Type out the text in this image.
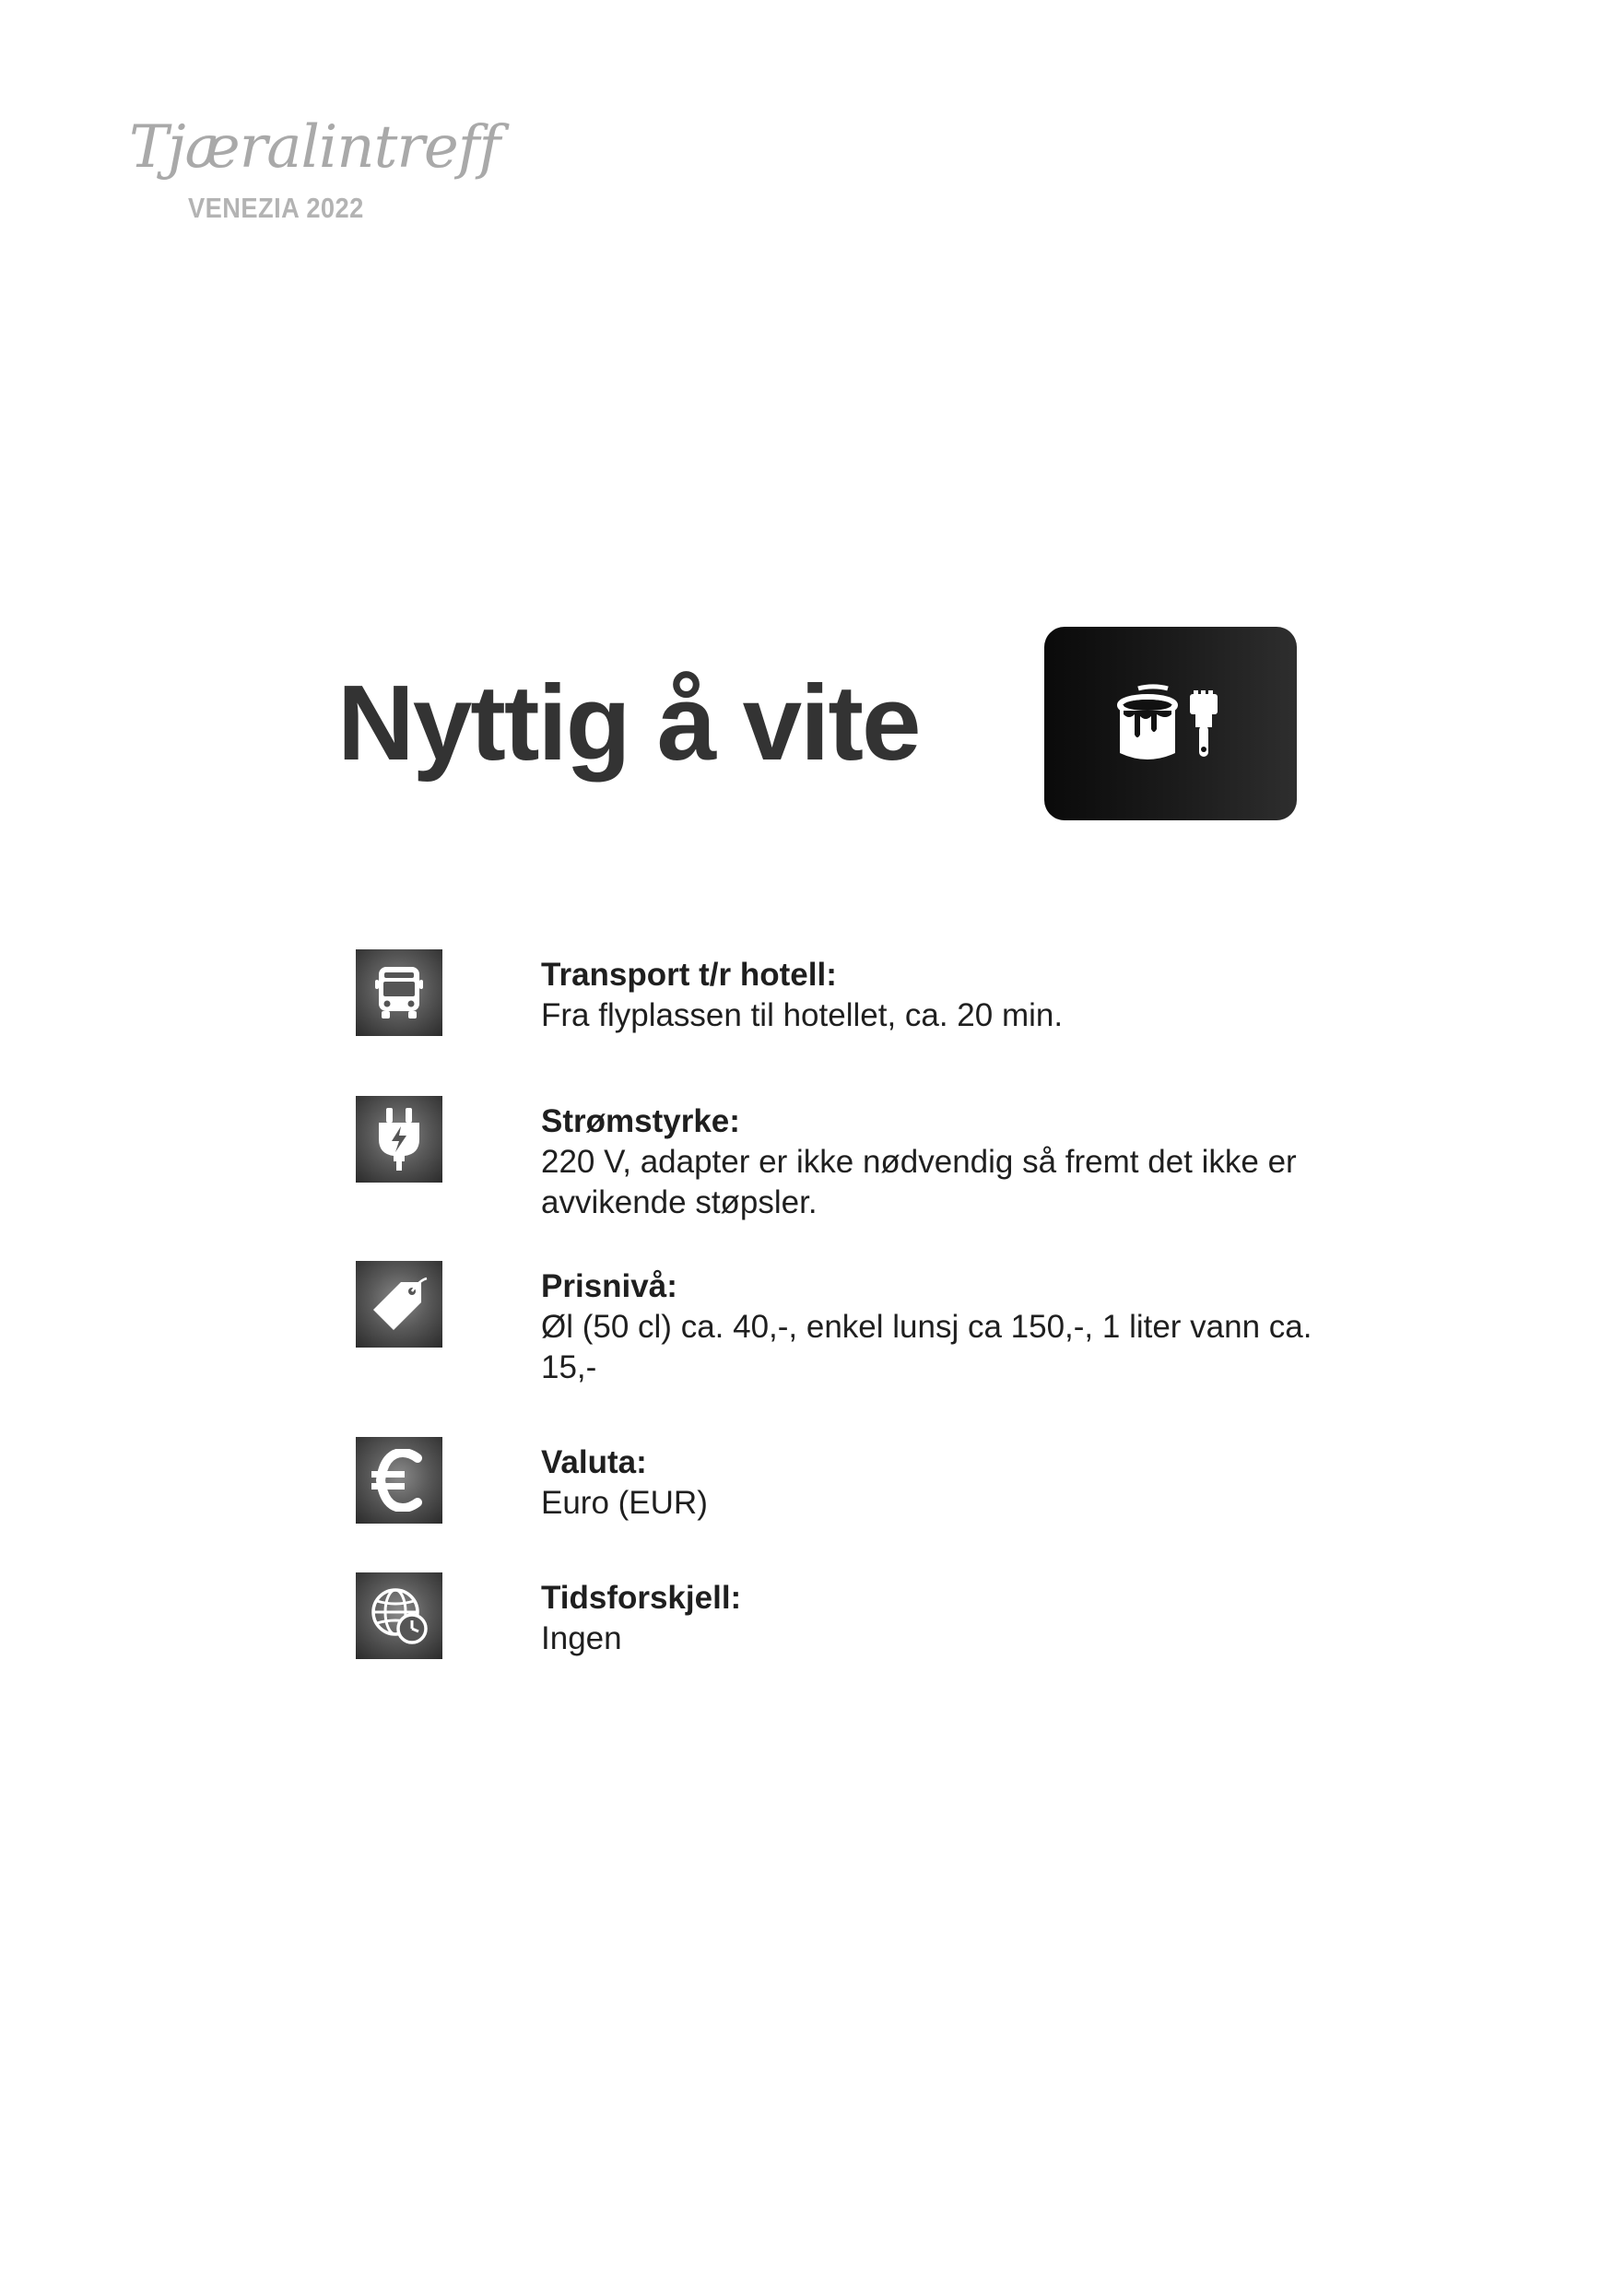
Tjæralintreff
VENEZIA 2022
Nyttig å vite
Transport t/r hotell:
Fra flyplassen til hotellet, ca. 20 min.
Strømstyrke:
220 V, adapter er ikke nødvendig så fremt det ikke er avvikende støpsler.
Prisnivå:
Øl (50 cl) ca. 40,-, enkel lunsj ca 150,-, 1 liter vann ca. 15,-
Valuta:
Euro (EUR)
Tidsforskjell:
Ingen
